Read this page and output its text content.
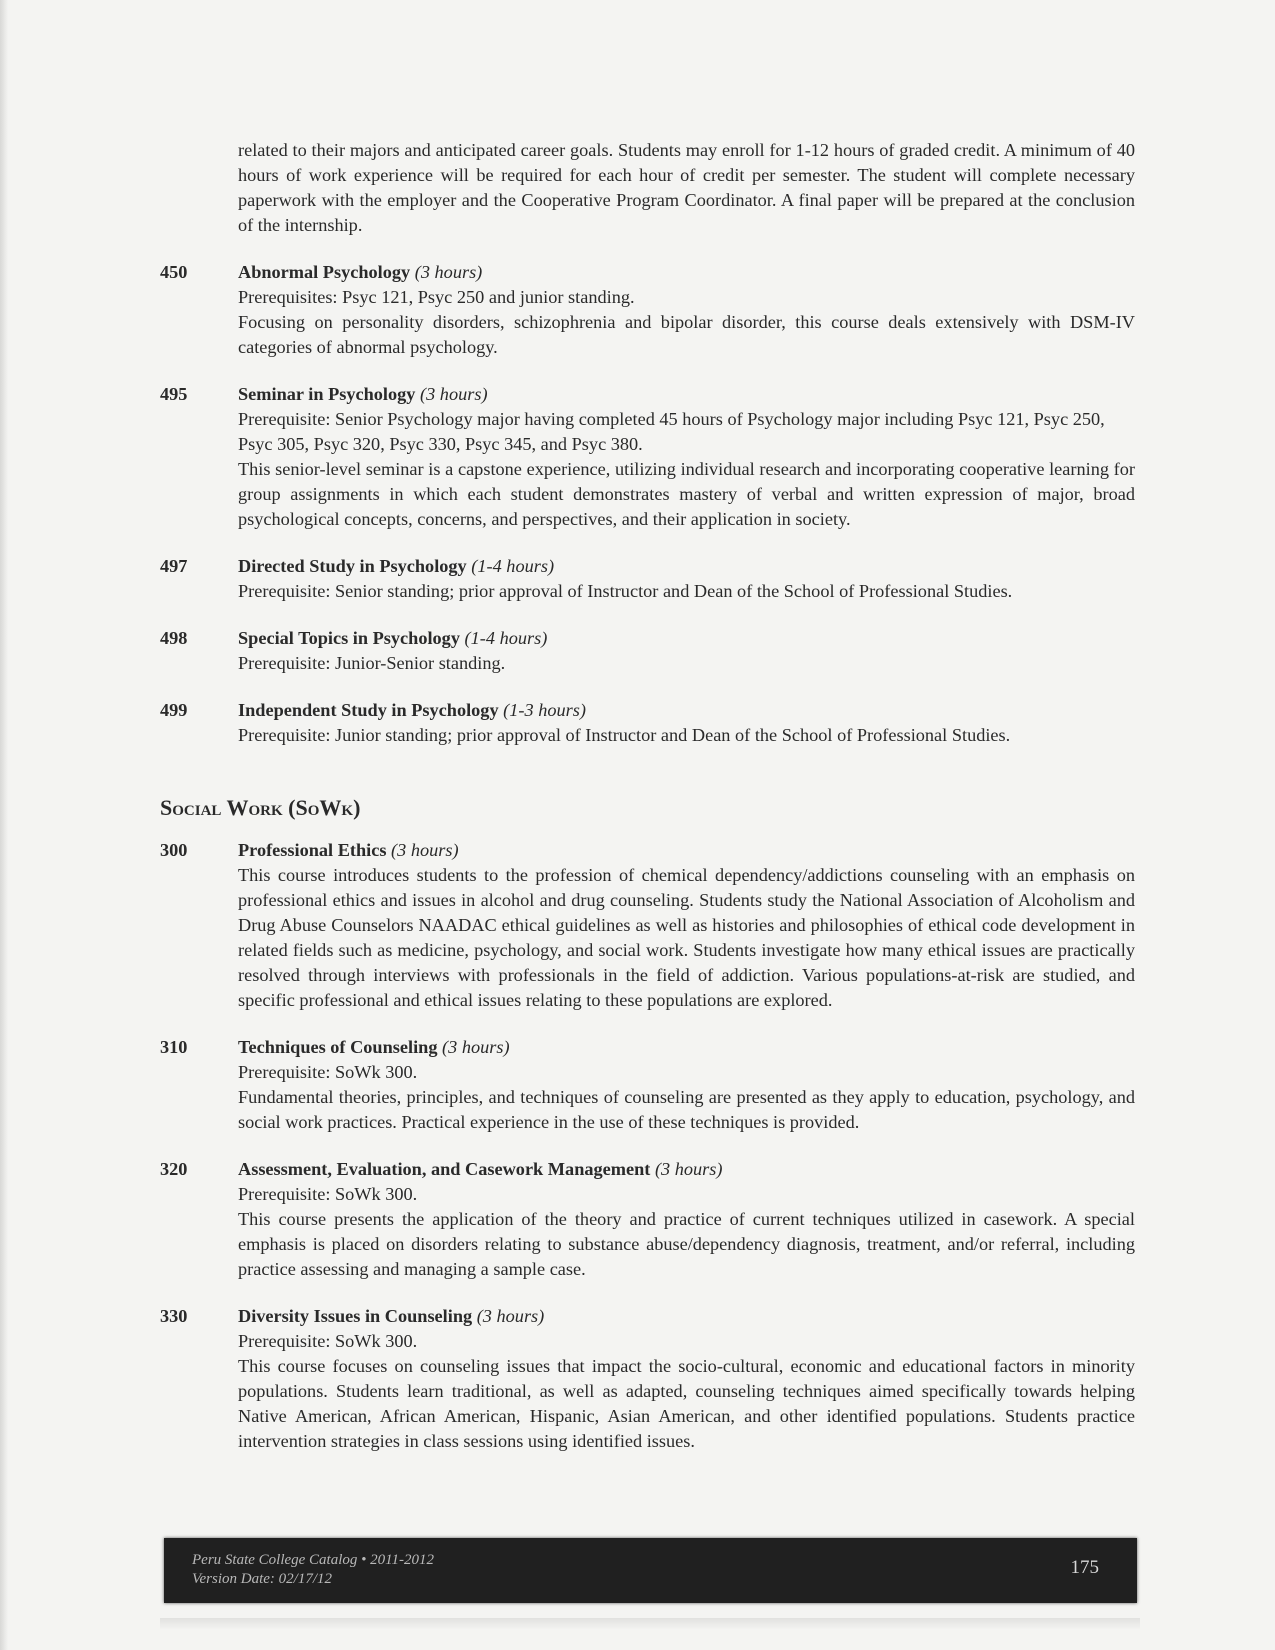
related to their majors and anticipated career goals. Students may enroll for 1-12 hours of graded credit. A minimum of 40 hours of work experience will be required for each hour of credit per semester. The student will complete necessary paperwork with the employer and the Cooperative Program Coordinator. A final paper will be prepared at the conclusion of the internship.

450	Abnormal Psychology (3 hours)
Prerequisites: Psyc 121, Psyc 250 and junior standing.
Focusing on personality disorders, schizophrenia and bipolar disorder, this course deals extensively with DSM-IV categories of abnormal psychology.
495	Seminar in Psychology (3 hours)
Prerequisite: Senior Psychology major having completed 45 hours of Psychology major including Psyc 121, Psyc 250, Psyc 305, Psyc 320, Psyc 330, Psyc 345, and Psyc 380.
This senior-level seminar is a capstone experience, utilizing individual research and incorporating cooperative learning for group assignments in which each student demonstrates mastery of verbal and written expression of major, broad psychological concepts, concerns, and perspectives, and their application in society.
497	Directed Study in Psychology (1-4 hours)
Prerequisite: Senior standing; prior approval of Instructor and Dean of the School of Professional Studies.
498	Special Topics in Psychology (1-4 hours)
Prerequisite: Junior-Senior standing.
499	Independent Study in Psychology (1-3 hours)
Prerequisite: Junior standing; prior approval of Instructor and Dean of the School of Professional Studies.
Social Work (SoWk)
300	Professional Ethics (3 hours)
This course introduces students to the profession of chemical dependency/addictions counseling with an emphasis on professional ethics and issues in alcohol and drug counseling. Students study the National Association of Alcoholism and Drug Abuse Counselors NAADAC ethical guidelines as well as histories and philosophies of ethical code development in related fields such as medicine, psychology, and social work. Students investigate how many ethical issues are practically resolved through interviews with professionals in the field of addiction. Various populations-at-risk are studied, and specific professional and ethical issues relating to these populations are explored.
310	Techniques of Counseling (3 hours)
Prerequisite: SoWk 300.
Fundamental theories, principles, and techniques of counseling are presented as they apply to education, psychology, and social work practices. Practical experience in the use of these techniques is provided.
320	Assessment, Evaluation, and Casework Management (3 hours)
Prerequisite: SoWk 300.
This course presents the application of the theory and practice of current techniques utilized in casework. A special emphasis is placed on disorders relating to substance abuse/dependency diagnosis, treatment, and/or referral, including practice assessing and managing a sample case.
330	Diversity Issues in Counseling (3 hours)
Prerequisite: SoWk 300.
This course focuses on counseling issues that impact the socio-cultural, economic and educational factors in minority populations. Students learn traditional, as well as adapted, counseling techniques aimed specifically towards helping Native American, African American, Hispanic, Asian American, and other identified populations. Students practice intervention strategies in class sessions using identified issues.
Peru State College Catalog • 2011-2012
Version Date: 02/17/12
175
